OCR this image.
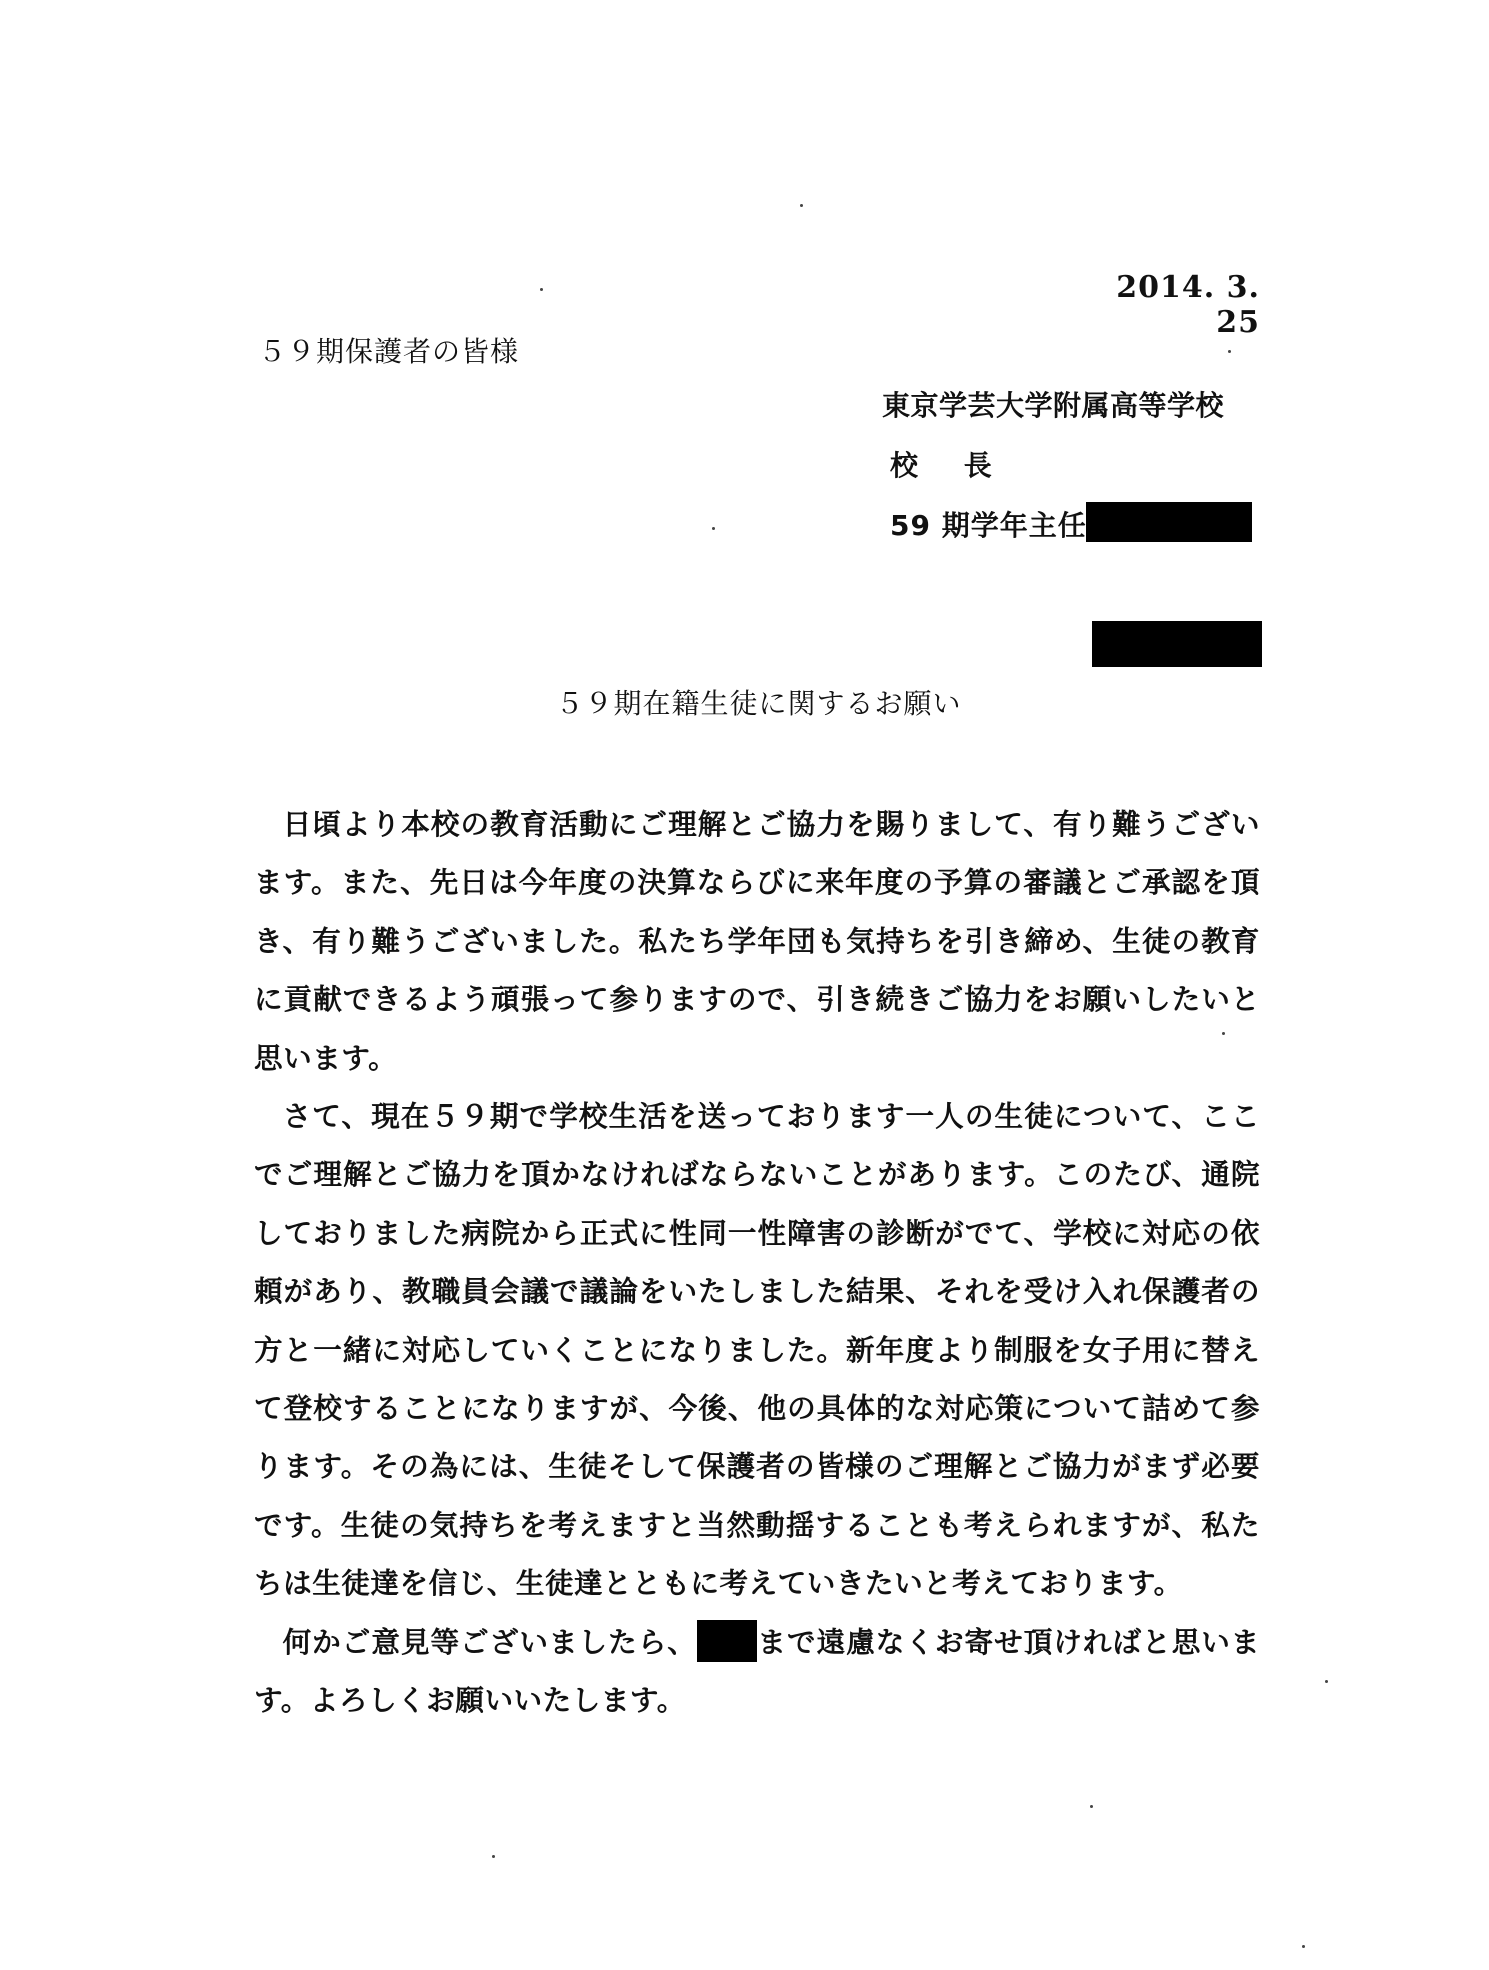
2014. 3. 25
５９期保護者の皆様
東京学芸大学附属高等学校
校 長
59 期学年主任
５９期在籍生徒に関するお願い

日頃より本校の教育活動にご理解とご協力を賜りまして、有り難うございます。また、先日は今年度の決算ならびに来年度の予算の審議とご承認を頂き、有り難うございました。私たち学年団も気持ちを引き締め、生徒の教育に貢献できるよう頑張って参りますので、引き続きご協力をお願いしたいと思います。

さて、現在５９期で学校生活を送っております一人の生徒について、ここでご理解とご協力を頂かなければならないことがあります。このたび、通院しておりました病院から正式に性同一性障害の診断がでて、学校に対応の依頼があり、教職員会議で議論をいたしました結果、それを受け入れ保護者の方と一緒に対応していくことになりました。新年度より制服を女子用に替えて登校することになりますが、今後、他の具体的な対応策について詰めて参ります。その為には、生徒そして保護者の皆様のご理解とご協力がまず必要です。生徒の気持ちを考えますと当然動揺することも考えられますが、私たちは生徒達を信じ、生徒達とともに考えていきたいと考えております。

何かご意見等ございましたら、 まで遠慮なくお寄せ頂ければと思います。よろしくお願いいたします。
